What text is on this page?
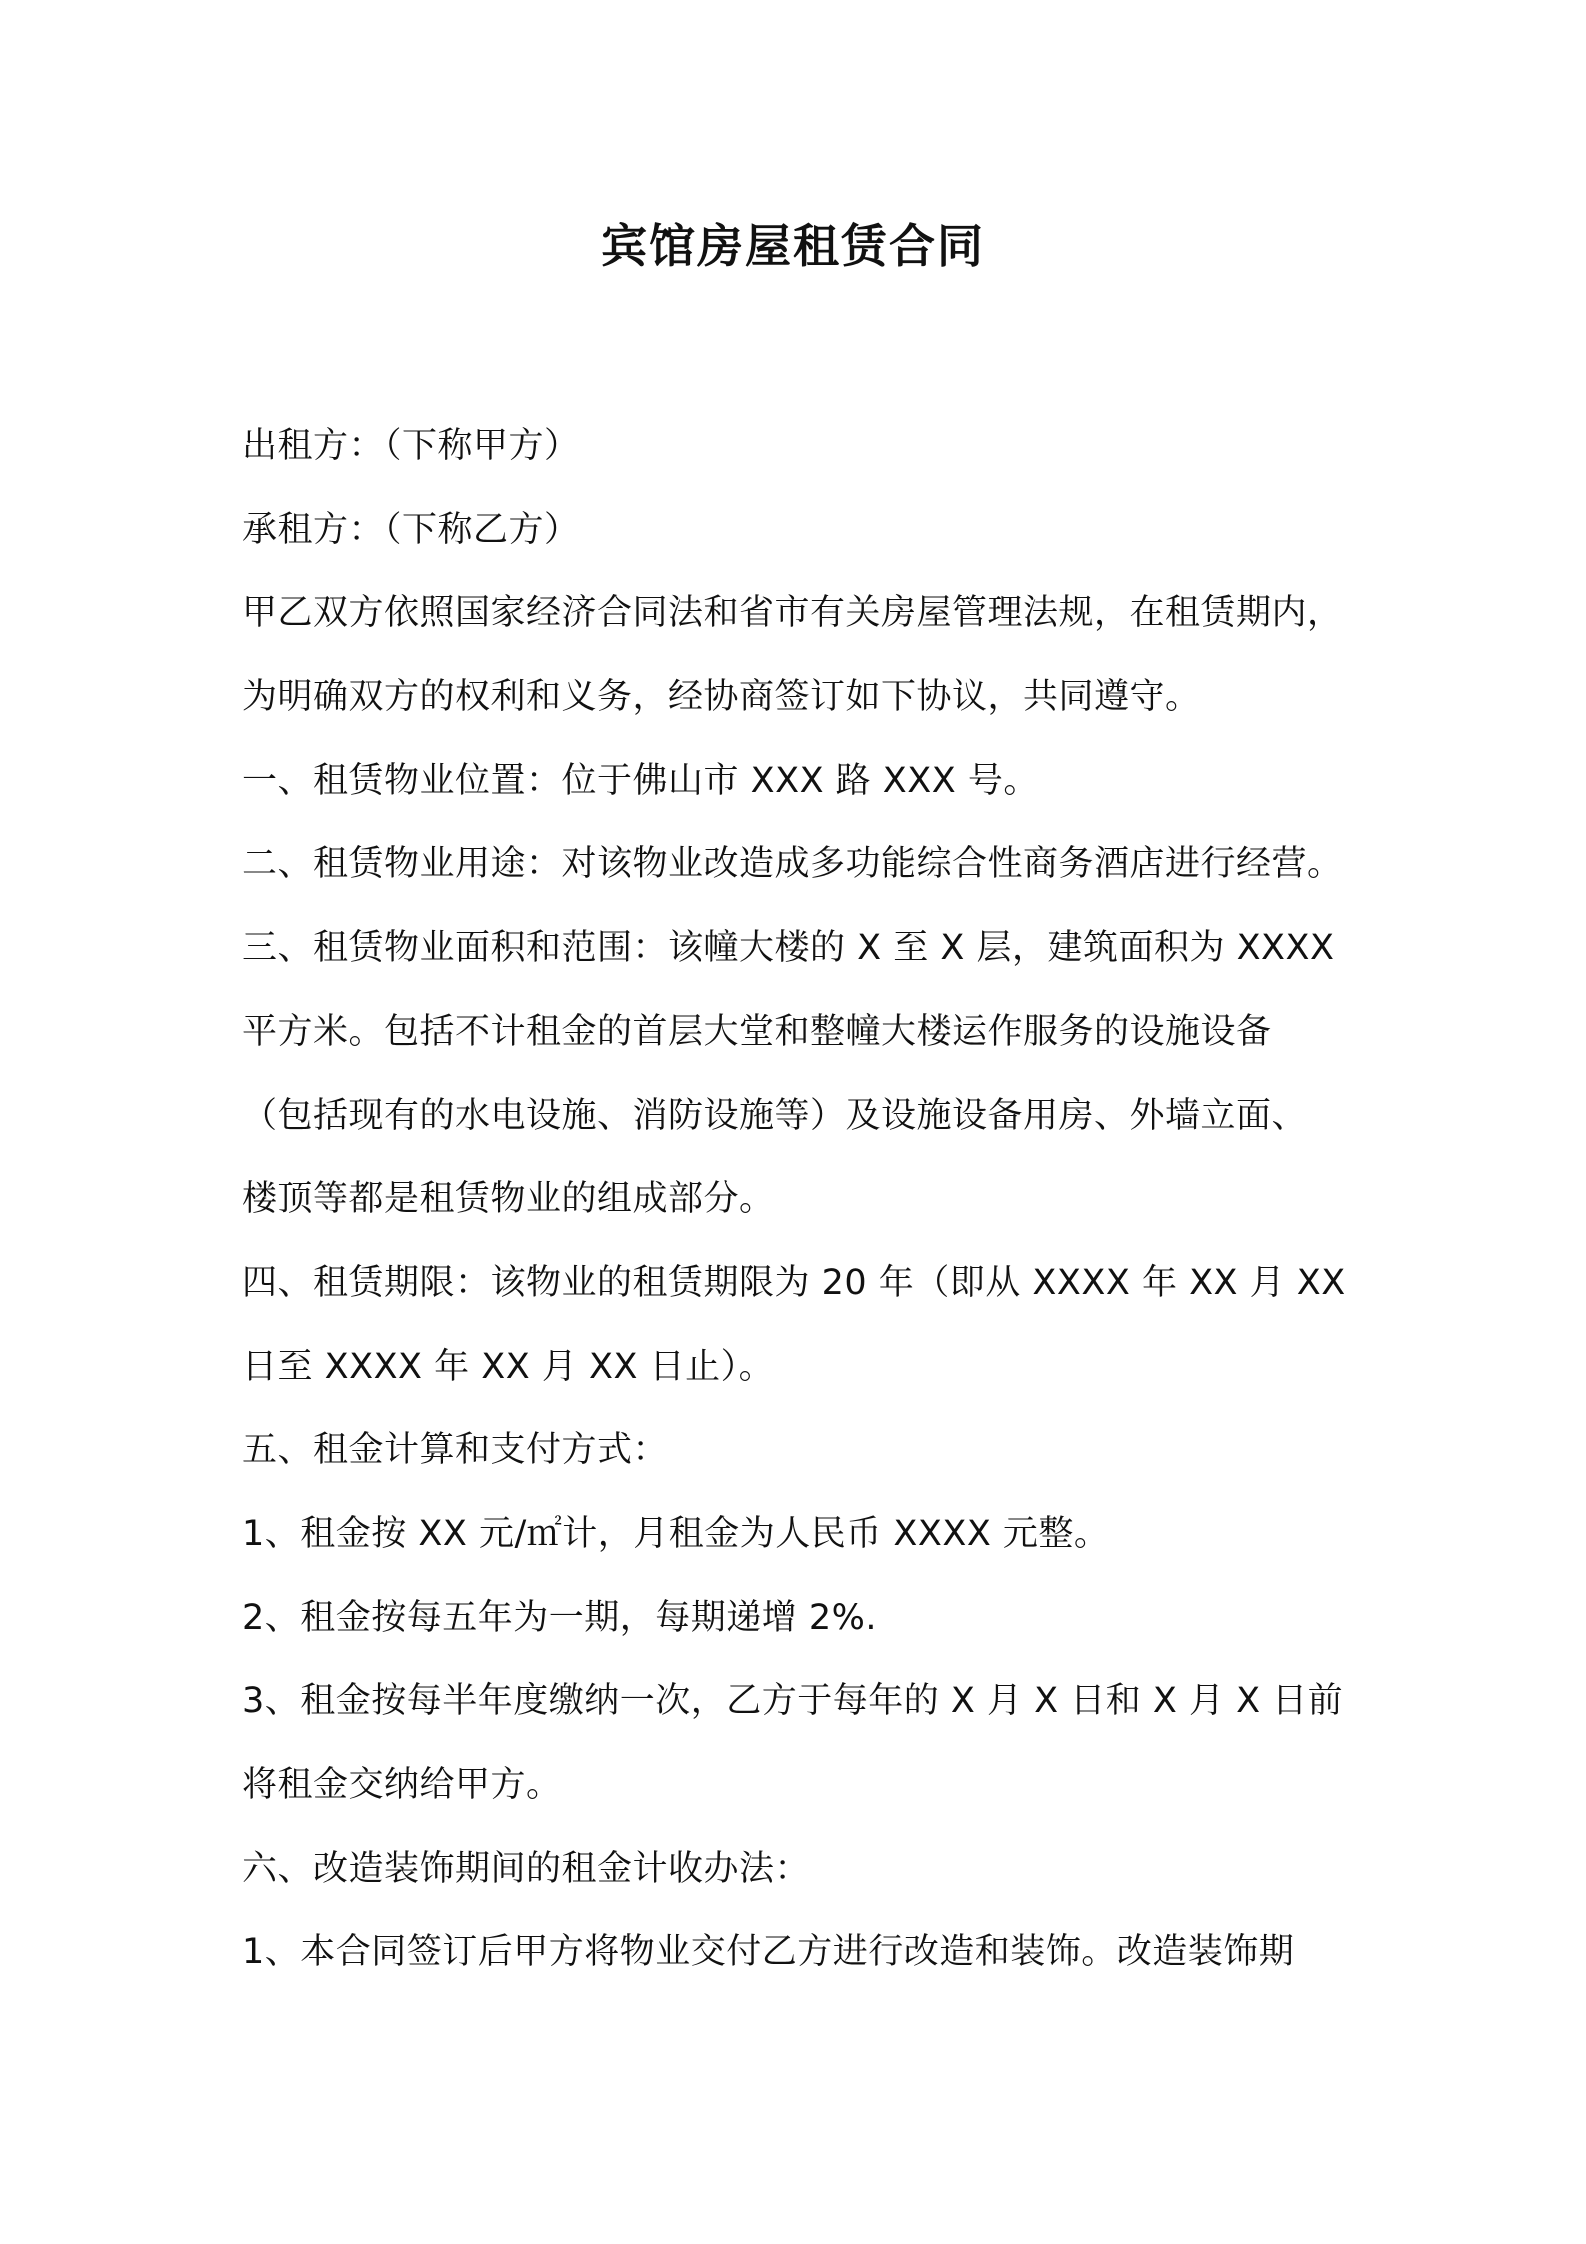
宾馆房屋租赁合同

出租方：（下称甲方）

承租方：（下称乙方）

甲乙双方依照国家经济合同法和省市有关房屋管理法规，在租赁期内，

为明确双方的权利和义务，经协商签订如下协议，共同遵守。

一、租赁物业位置：位于佛山市 XXX 路 XXX 号。

二、租赁物业用途：对该物业改造成多功能综合性商务酒店进行经营。

三、租赁物业面积和范围：该幢大楼的 X 至 X 层，建筑面积为 XXXX

平方米。包括不计租金的首层大堂和整幢大楼运作服务的设施设备

（包括现有的水电设施、消防设施等）及设施设备用房、外墙立面、

楼顶等都是租赁物业的组成部分。

四、租赁期限：该物业的租赁期限为 20 年（即从 XXXX 年 XX 月 XX

日至 XXXX 年 XX 月 XX 日止）。

五、租金计算和支付方式：

1、租金按 XX 元/㎡计，月租金为人民币 XXXX 元整。

2、租金按每五年为一期，每期递增 2%.

3、租金按每半年度缴纳一次，乙方于每年的 X 月 X 日和 X 月 X 日前

将租金交纳给甲方。

六、改造装饰期间的租金计收办法：

1、本合同签订后甲方将物业交付乙方进行改造和装饰。改造装饰期
